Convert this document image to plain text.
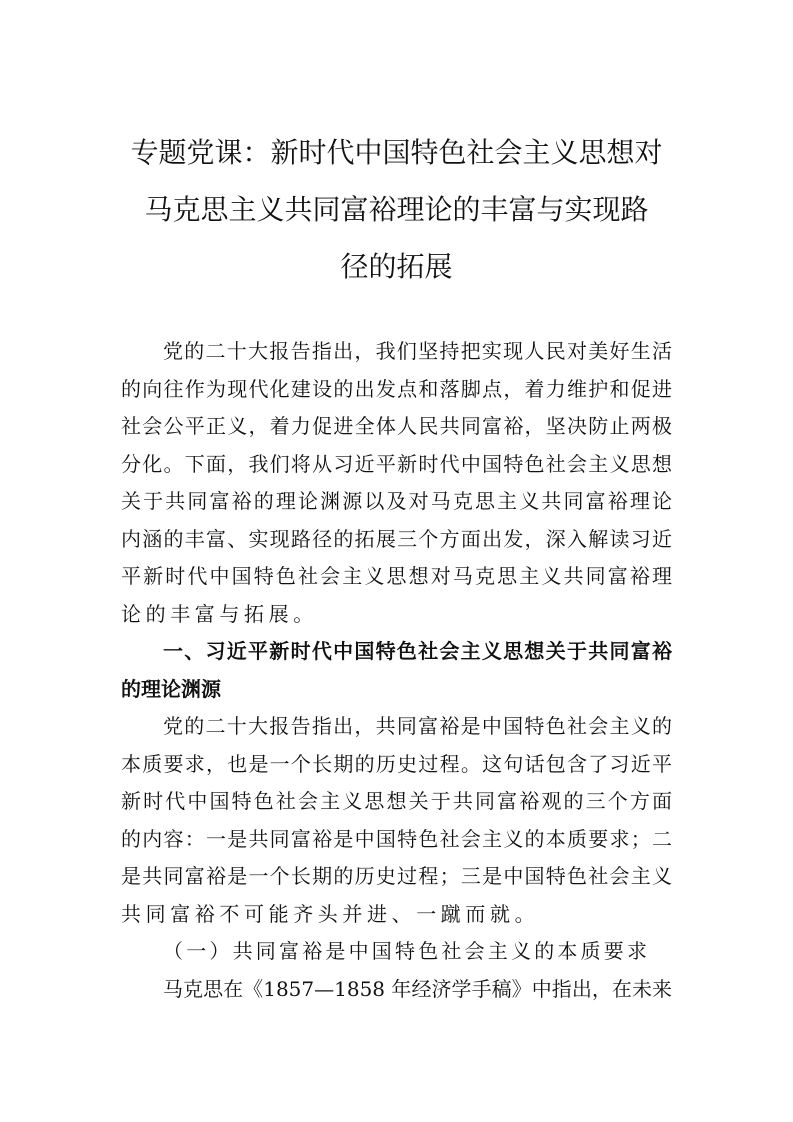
专题党课：新时代中国特色社会主义思想对
马克思主义共同富裕理论的丰富与实现路
径的拓展
党的二十大报告指出，我们坚持把实现人民对美好生活
的向往作为现代化建设的出发点和落脚点，着力维护和促进
社会公平正义，着力促进全体人民共同富裕，坚决防止两极
分化。下面，我们将从习近平新时代中国特色社会主义思想
关于共同富裕的理论渊源以及对马克思主义共同富裕理论
内涵的丰富、实现路径的拓展三个方面出发，深入解读习近
平新时代中国特色社会主义思想对马克思主义共同富裕理
论的丰富与拓展。
一、习近平新时代中国特色社会主义思想关于共同富裕
的理论渊源
党的二十大报告指出，共同富裕是中国特色社会主义的
本质要求，也是一个长期的历史过程。这句话包含了习近平
新时代中国特色社会主义思想关于共同富裕观的三个方面
的内容：一是共同富裕是中国特色社会主义的本质要求；二
是共同富裕是一个长期的历史过程；三是中国特色社会主义
共同富裕不可能齐头并进、一蹴而就。
（一）共同富裕是中国特色社会主义的本质要求
马克思在《1857—1858 年经济学手稿》中指出，在未来
